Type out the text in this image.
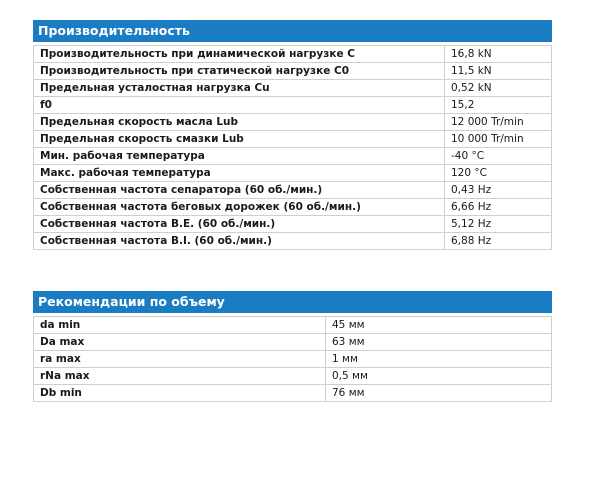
Производительность
Производительность при динамической нагрузке C	16,8 kN
Производительность при статической нагрузке C0	11,5 kN
Предельная усталостная нагрузка Cu	0,52 kN
f0	15,2
Предельная скорость масла Lub	12 000 Tr/min
Предельная скорость смазки Lub	10 000 Tr/min
Мин. рабочая температура	-40 °C
Макс. рабочая температура	120 °C
Собственная частота сепаратора (60 об./мин.)	0,43 Hz
Собственная частота беговых дорожек (60 об./мин.)	6,66 Hz
Собственная частота B.E. (60 об./мин.)	5,12 Hz
Собственная частота B.I. (60 об./мин.)	6,88 Hz
Рекомендации по объему
da min	45 мм
Da max	63 мм
ra max	1 мм
rNa max	0,5 мм
Db min	76 мм
